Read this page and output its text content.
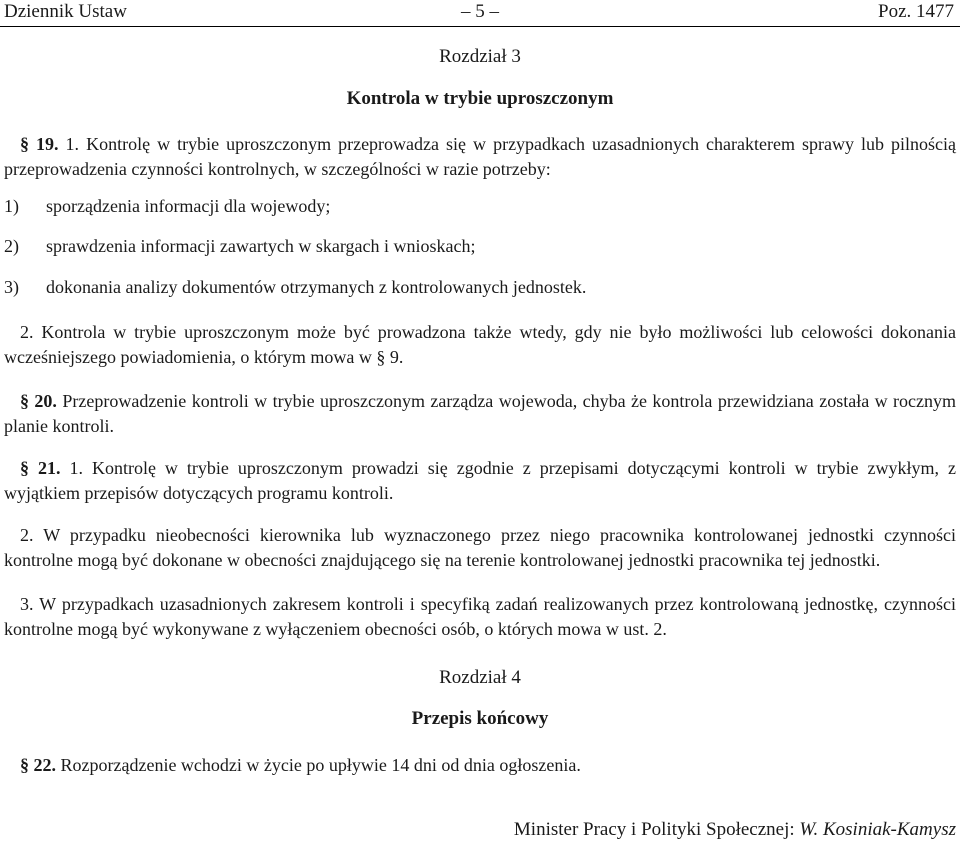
Dziennik Ustaw	– 5 –	Poz. 1477
Rozdział 3
Kontrola w trybie uproszczonym
§ 19. 1. Kontrolę w trybie uproszczonym przeprowadza się w przypadkach uzasadnionych charakterem sprawy lub pilnością przeprowadzenia czynności kontrolnych, w szczególności w razie potrzeby:
1) sporządzenia informacji dla wojewody;
2) sprawdzenia informacji zawartych w skargach i wnioskach;
3) dokonania analizy dokumentów otrzymanych z kontrolowanych jednostek.
2. Kontrola w trybie uproszczonym może być prowadzona także wtedy, gdy nie było możliwości lub celowości dokonania wcześniejszego powiadomienia, o którym mowa w § 9.
§ 20. Przeprowadzenie kontroli w trybie uproszczonym zarządza wojewoda, chyba że kontrola przewidziana została w rocznym planie kontroli.
§ 21. 1. Kontrolę w trybie uproszczonym prowadzi się zgodnie z przepisami dotyczącymi kontroli w trybie zwykłym, z wyjątkiem przepisów dotyczących programu kontroli.
2. W przypadku nieobecności kierownika lub wyznaczonego przez niego pracownika kontrolowanej jednostki czynności kontrolne mogą być dokonane w obecności znajdującego się na terenie kontrolowanej jednostki pracownika tej jednostki.
3. W przypadkach uzasadnionych zakresem kontroli i specyfiką zadań realizowanych przez kontrolowaną jednostkę, czynności kontrolne mogą być wykonywane z wyłączeniem obecności osób, o których mowa w ust. 2.
Rozdział 4
Przepis końcowy
§ 22. Rozporządzenie wchodzi w życie po upływie 14 dni od dnia ogłoszenia.
Minister Pracy i Polityki Społecznej: W. Kosiniak-Kamysz
